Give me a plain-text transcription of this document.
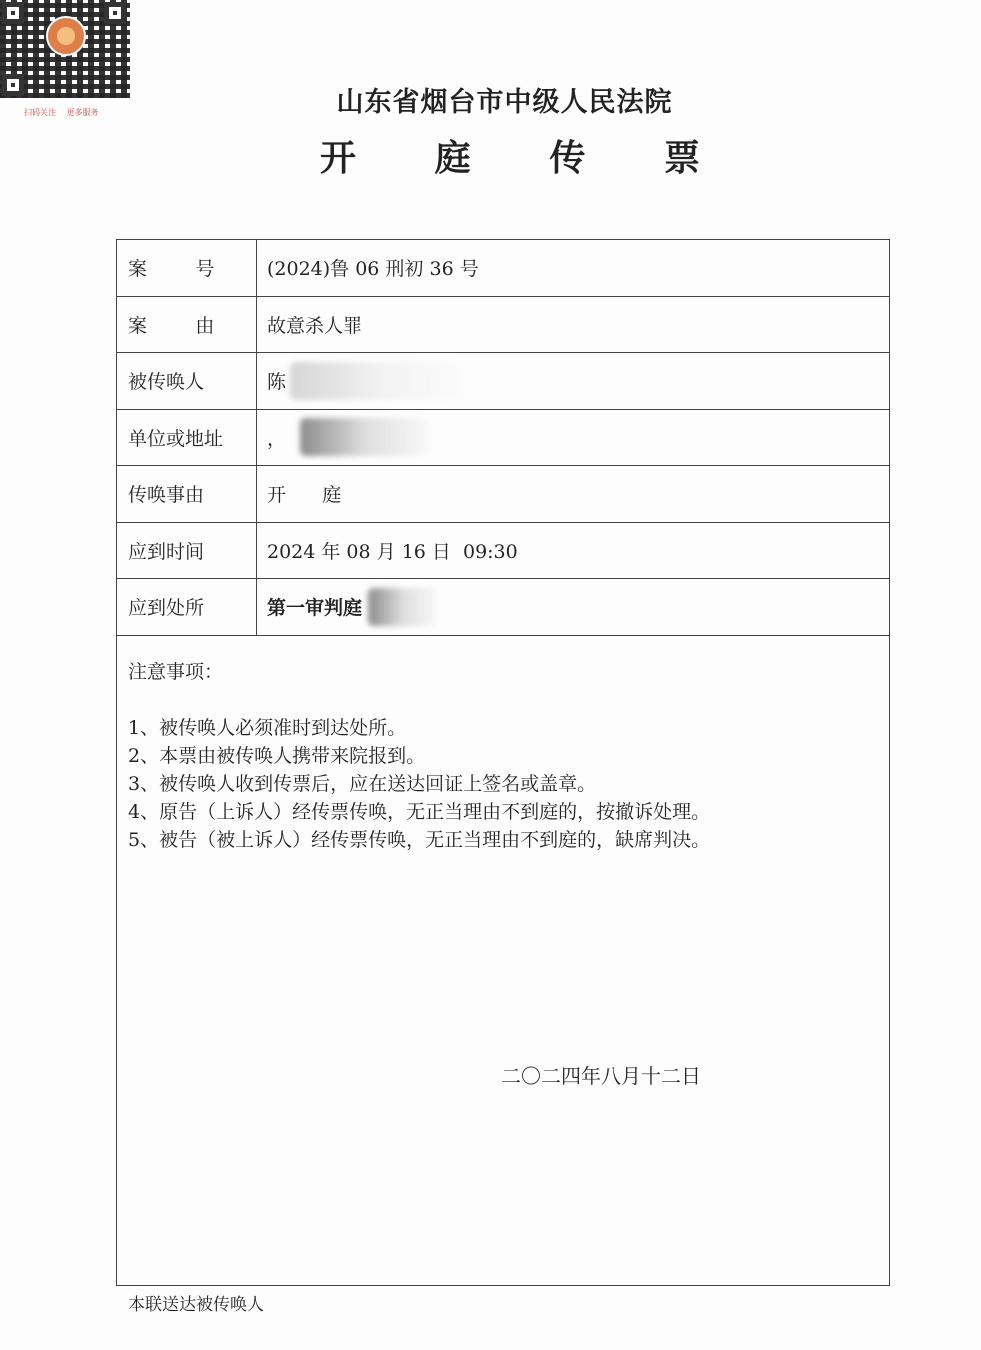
扫码关注 更多服务	山东省烟台市中级人民法院
开 庭 传 票
案        号	(2024)鲁 06 刑初 36 号
案        由	故意杀人罪
被传唤人	陈
单位或地址	，
传唤事由	开      庭
应到时间	2024 年 08 月 16 日  09:30
应到处所	第一审判庭
注意事项：
1、被传唤人必须准时到达处所。
2、本票由被传唤人携带来院报到。
3、被传唤人收到传票后，应在送达回证上签名或盖章。
4、原告（上诉人）经传票传唤，无正当理由不到庭的，按撤诉处理。
5、被告（被上诉人）经传票传唤，无正当理由不到庭的，缺席判决。
二〇二四年八月十二日
本联送达被传唤人
